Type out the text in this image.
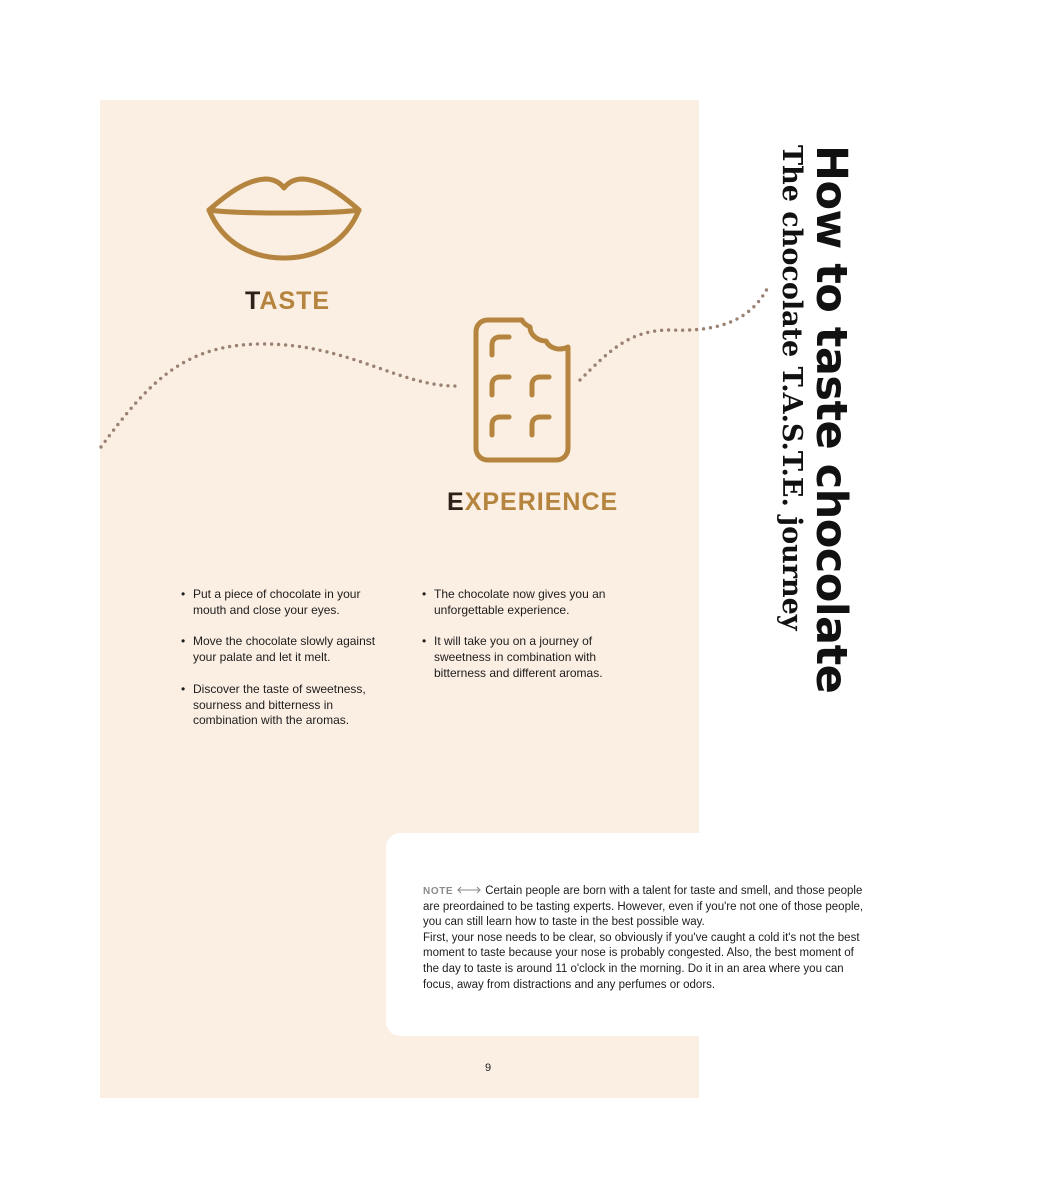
TASTE
EXPERIENCE
• Put a piece of chocolate in your mouth and close your eyes.
• Move the chocolate slowly against your palate and let it melt.
• Discover the taste of sweetness, sourness and bitterness in combination with the aromas.
• The chocolate now gives you an unforgettable experience.
• It will take you on a journey of sweetness in combination with bitterness and different aromas.

NOTE	Certain people are born with a talent for taste and smell, and those people are preordained to be tasting experts. However, even if you're not one of those people, you can still learn how to taste in the best possible way.
First, your nose needs to be clear, so obviously if you've caught a cold it's not the best moment to taste because your nose is probably congested. Also, the best moment of the day to taste is around 11 o'clock in the morning. Do it in an area where you can focus, away from distractions and any perfumes or odors.

9
How to taste chocolate
The chocolate T.A.S.T.E. journey
